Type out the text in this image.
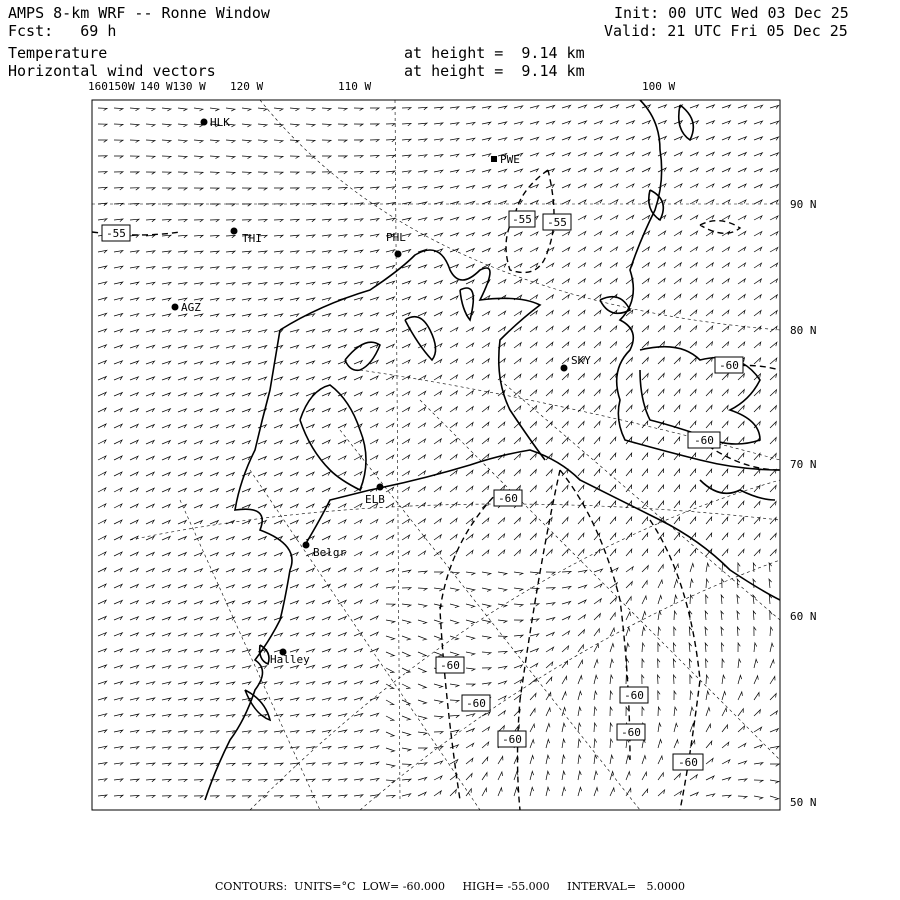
AMPS 8-km WRF -- Ronne Window
Fcst:   69 h
Temperature
Horizontal wind vectors
Init: 00 UTC Wed 03 Dec 25
Valid: 21 UTC Fri 05 Dec 25
at height =  9.14 km
at height =  9.14 km
HLK
PWE
THI	PHL
AGZ
SKY
ELB
Belgr
Halley
-55
-55 -55
-60
-60
-60
-60
-60
-60
-60
-60
-60
160150 W 140 W130 W 120 W	110 W	100 W
90 N
80 N
70 N
60 N
50 N
CONTOURS:  UNITS=°C  LOW= -60.000     HIGH= -55.000     INTERVAL=   5.0000
